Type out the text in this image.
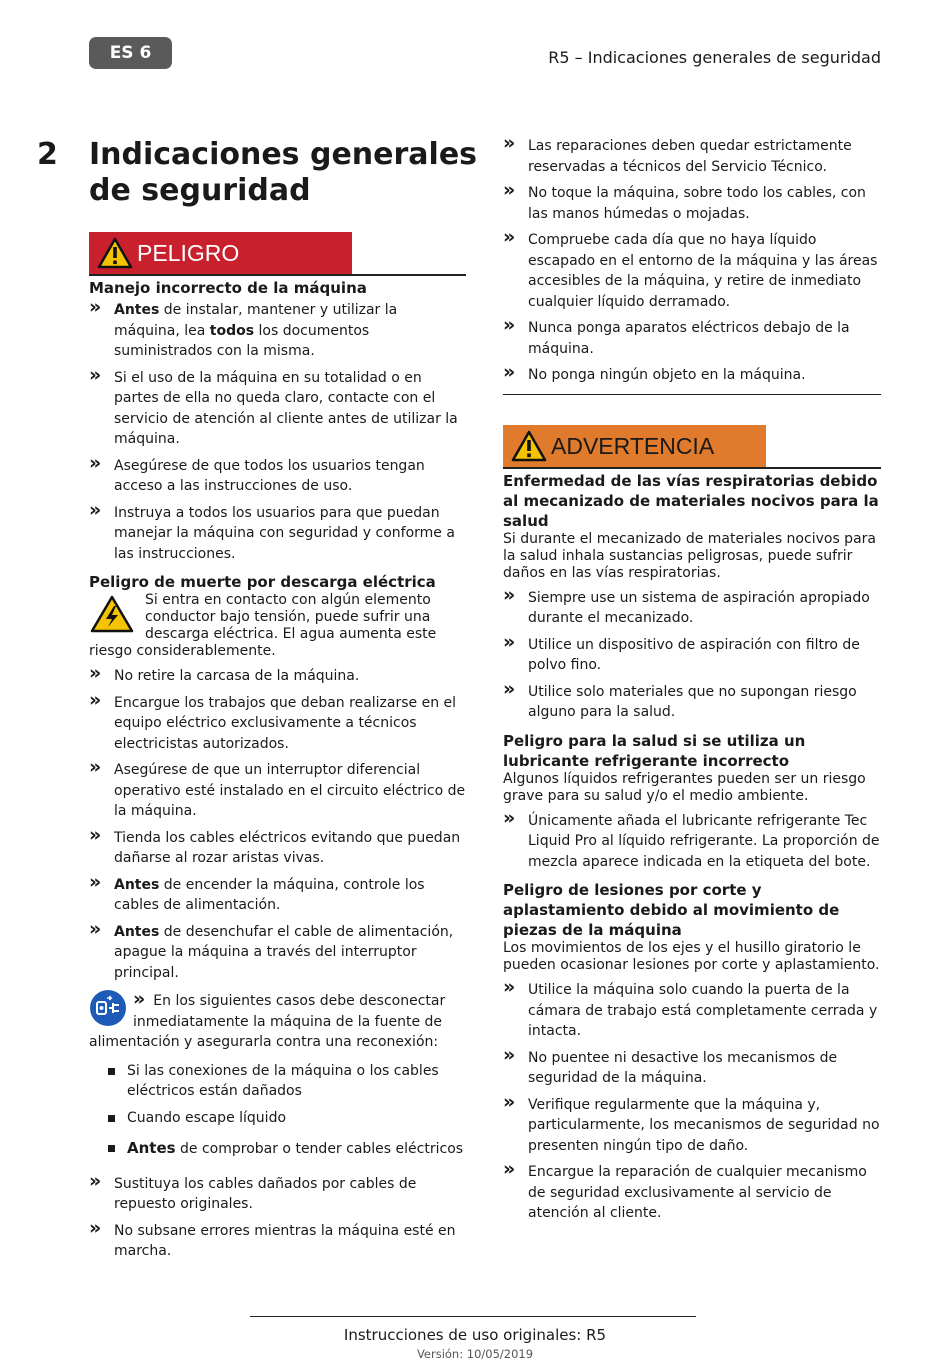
ES 6	R5 – Indicaciones generales de seguridad
2	Indicaciones generales de seguridad
PELIGRO
Manejo incorrecto de la máquina
» Antes de instalar, mantener y utilizar la máquina, lea todos los documentos suministrados con la misma.
» Si el uso de la máquina en su totalidad o en partes de ella no queda claro, contacte con el servicio de atención al cliente antes de utilizar la máquina.
» Asegúrese de que todos los usuarios tengan acceso a las instrucciones de uso.
» Instruya a todos los usuarios para que puedan manejar la máquina con seguridad y conforme a las instrucciones.
Peligro de muerte por descarga eléctrica
Si entra en contacto con algún elemento conductor bajo tensión, puede sufrir una descarga eléctrica. El agua aumenta este riesgo considerablemente.
» No retire la carcasa de la máquina.
» Encargue los trabajos que deban realizarse en el equipo eléctrico exclusivamente a técnicos electricistas autorizados.
» Asegúrese de que un interruptor diferencial operativo esté instalado en el circuito eléctrico de la máquina.
» Tienda los cables eléctricos evitando que puedan dañarse al rozar aristas vivas.
» Antes de encender la máquina, controle los cables de alimentación.
» Antes de desenchufar el cable de alimentación, apague la máquina a través del interruptor principal.
» En los siguientes casos debe desconectar inmediatamente la máquina de la fuente de alimentación y asegurarla contra una reconexión:
Si las conexiones de la máquina o los cables eléctricos están dañados
Cuando escape líquido
Antes de comprobar o tender cables eléctricos
» Sustituya los cables dañados por cables de repuesto originales.
» No subsane errores mientras la máquina esté en marcha.
» Las reparaciones deben quedar estrictamente reservadas a técnicos del Servicio Técnico.
» No toque la máquina, sobre todo los cables, con las manos húmedas o mojadas.
» Compruebe cada día que no haya líquido escapado en el entorno de la máquina y las áreas accesibles de la máquina, y retire de inmediato cualquier líquido derramado.
» Nunca ponga aparatos eléctricos debajo de la máquina.
» No ponga ningún objeto en la máquina.
ADVERTENCIA
Enfermedad de las vías respiratorias debido al mecanizado de materiales nocivos para la salud
Si durante el mecanizado de materiales nocivos para la salud inhala sustancias peligrosas, puede sufrir daños en las vías respiratorias.
» Siempre use un sistema de aspiración apropiado durante el mecanizado.
» Utilice un dispositivo de aspiración con filtro de polvo fino.
» Utilice solo materiales que no supongan riesgo alguno para la salud.
Peligro para la salud si se utiliza un lubricante refrigerante incorrecto
Algunos líquidos refrigerantes pueden ser un riesgo grave para su salud y/o el medio ambiente.
» Únicamente añada el lubricante refrigerante Tec Liquid Pro al líquido refrigerante. La proporción de mezcla aparece indicada en la etiqueta del bote.
Peligro de lesiones por corte y aplastamiento debido al movimiento de piezas de la máquina
Los movimientos de los ejes y el husillo giratorio le pueden ocasionar lesiones por corte y aplastamiento.
» Utilice la máquina solo cuando la puerta de la cámara de trabajo está completamente cerrada y intacta.
» No puentee ni desactive los mecanismos de seguridad de la máquina.
» Verifique regularmente que la máquina y, particularmente, los mecanismos de seguridad no presenten ningún tipo de daño.
» Encargue la reparación de cualquier mecanismo de seguridad exclusivamente al servicio de atención al cliente.
Instrucciones de uso originales: R5
Versión: 10/05/2019
